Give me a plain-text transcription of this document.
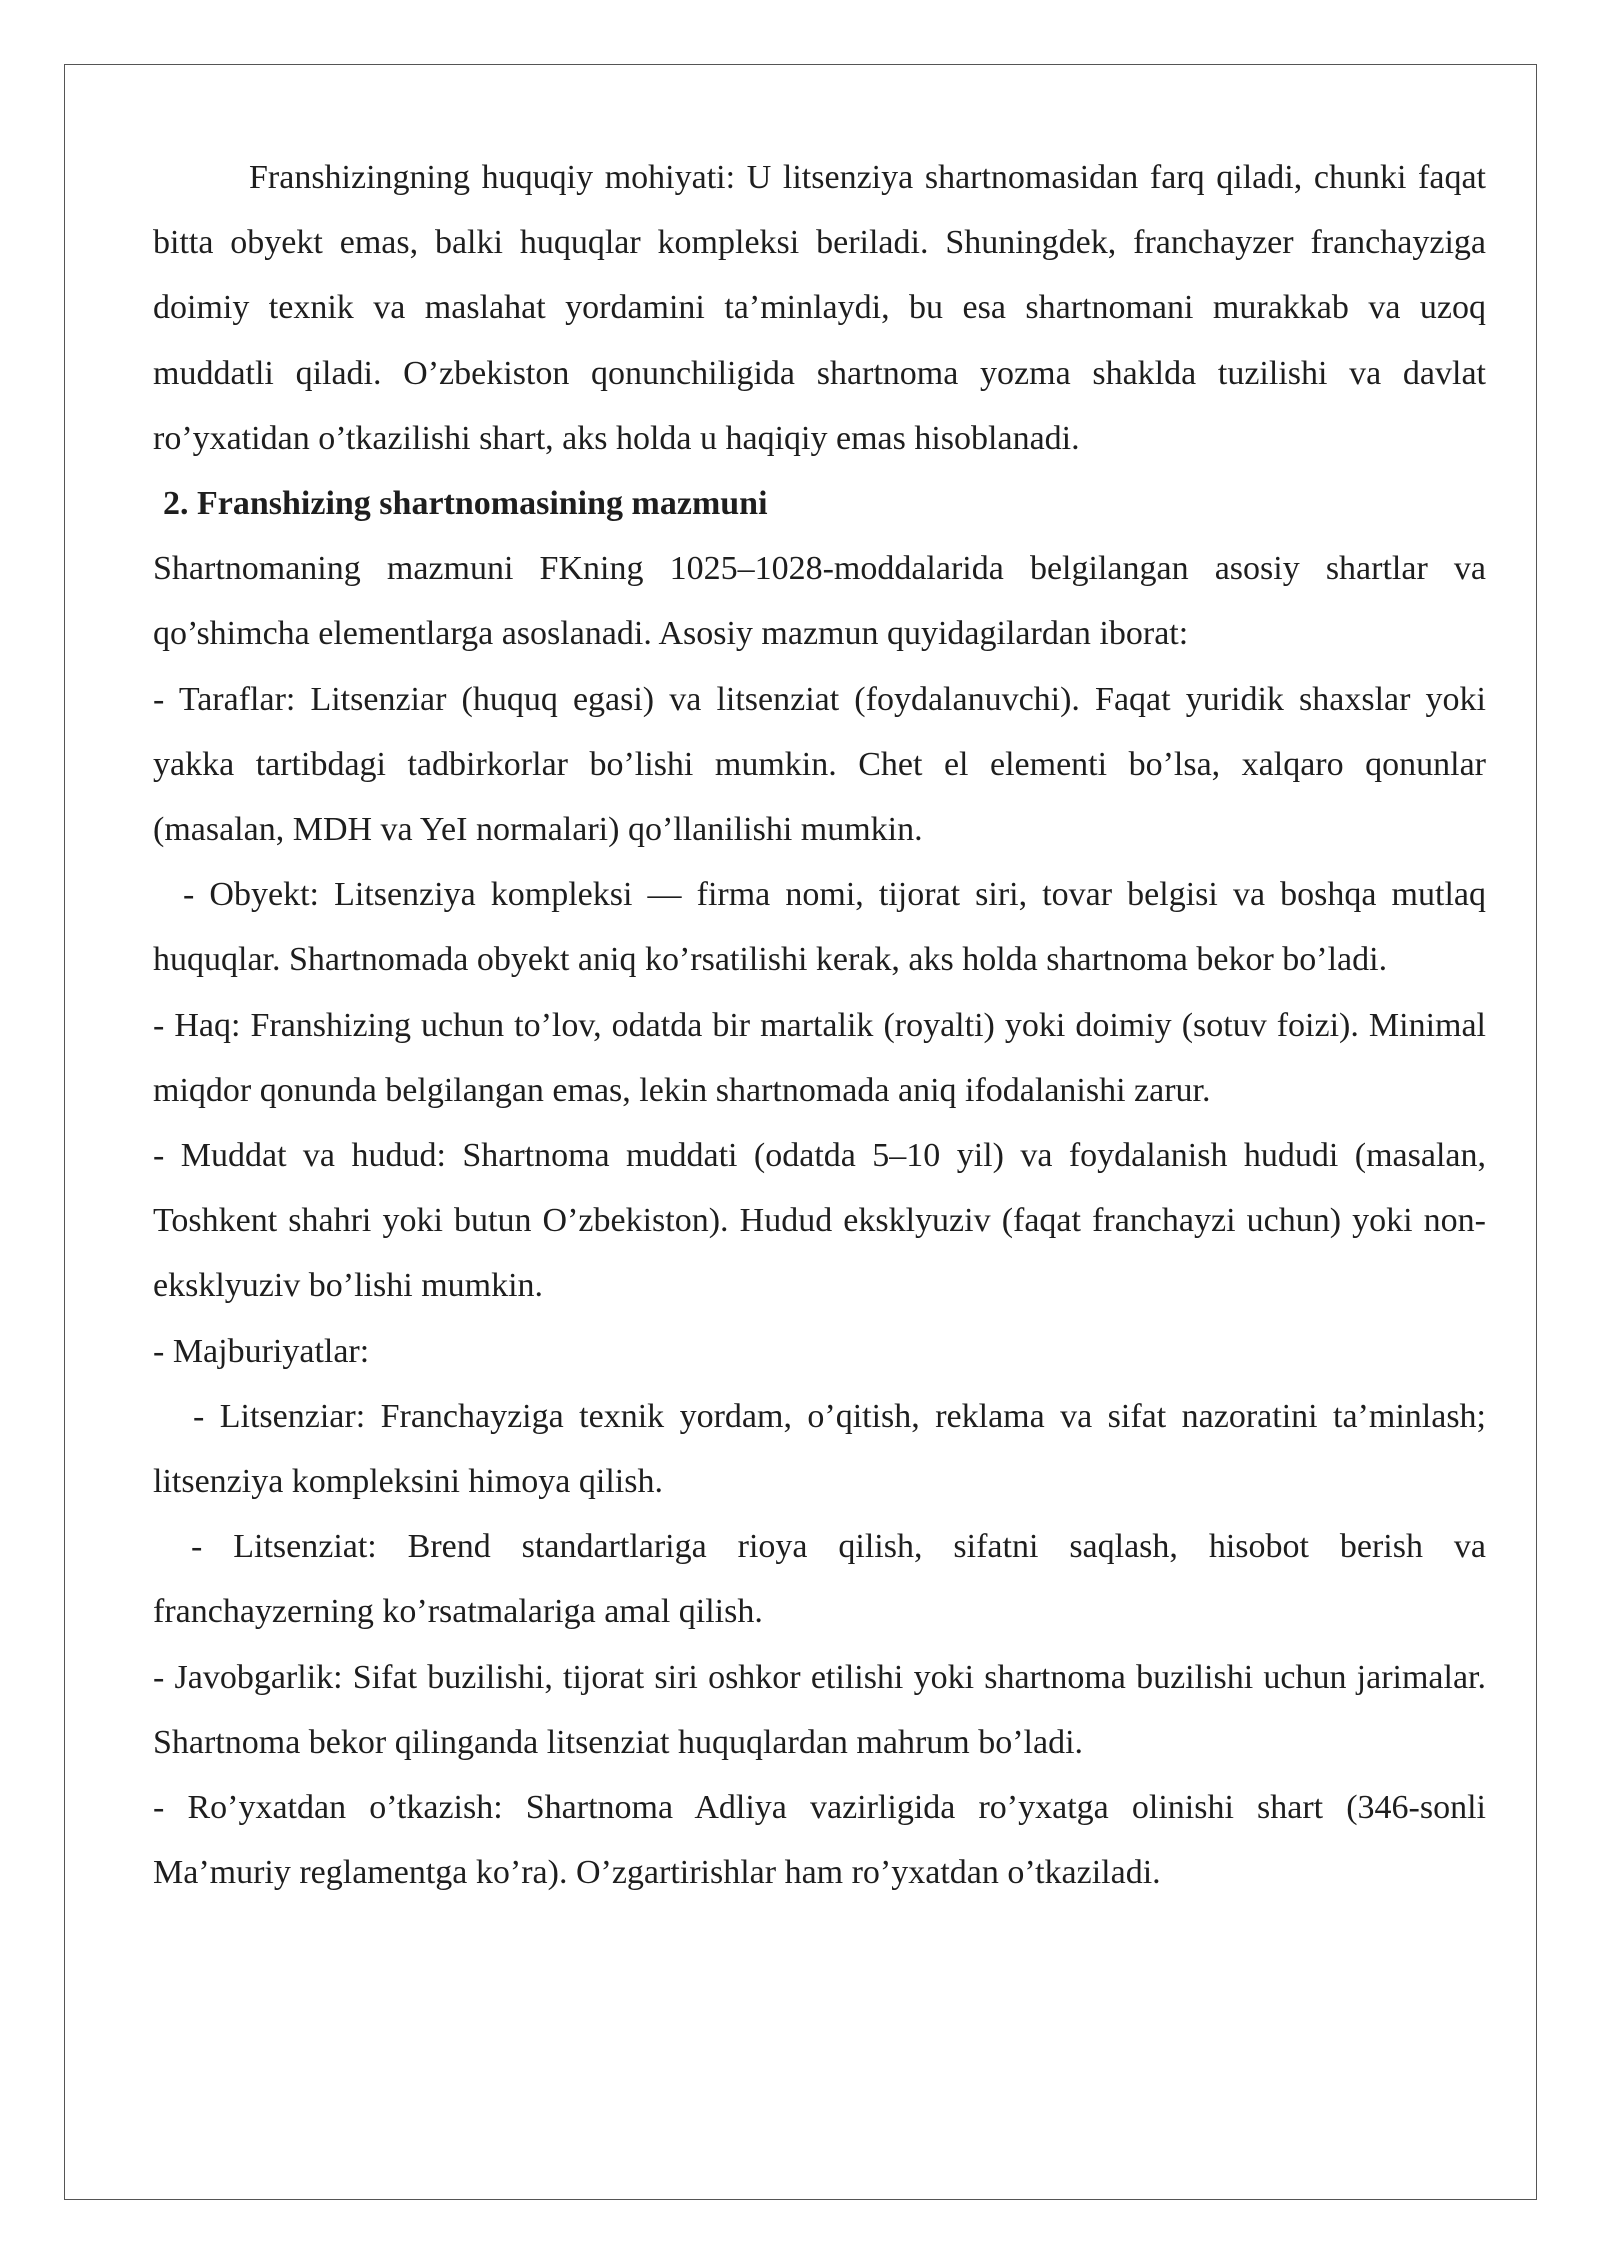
Franshizingning huquqiy mohiyati: U litsenziya shartnomasidan farq qiladi, chunki faqat bitta obyekt emas, balki huquqlar kompleksi beriladi. Shuningdek, franchayzer franchayziga doimiy texnik va maslahat yordamini ta’minlaydi, bu esa shartnomani murakkab va uzoq muddatli qiladi. O’zbekiston qonunchiligida shartnoma yozma shaklda tuzilishi va davlat ro’yxatidan o’tkazilishi shart, aks holda u haqiqiy emas hisoblanadi.

2. Franshizing shartnomasining mazmuni

Shartnomaning mazmuni FKning 1025–1028-moddalarida belgilangan asosiy shartlar va qo’shimcha elementlarga asoslanadi. Asosiy mazmun quyidagilardan iborat:

- Taraflar: Litsenziar (huquq egasi) va litsenziat (foydalanuvchi). Faqat yuridik shaxslar yoki yakka tartibdagi tadbirkorlar bo’lishi mumkin. Chet el elementi bo’lsa, xalqaro qonunlar (masalan, MDH va YeI normalari) qo’llanilishi mumkin.

- Obyekt: Litsenziya kompleksi — firma nomi, tijorat siri, tovar belgisi va boshqa mutlaq huquqlar. Shartnomada obyekt aniq ko’rsatilishi kerak, aks holda shartnoma bekor bo’ladi.

- Haq: Franshizing uchun to’lov, odatda bir martalik (royalti) yoki doimiy (sotuv foizi). Minimal miqdor qonunda belgilangan emas, lekin shartnomada aniq ifodalanishi zarur.

- Muddat va hudud: Shartnoma muddati (odatda 5–10 yil) va foydalanish hududi (masalan, Toshkent shahri yoki butun O’zbekiston). Hudud eksklyuziv (faqat franchayzi uchun) yoki non-eksklyuziv bo’lishi mumkin.

- Majburiyatlar:

- Litsenziar: Franchayziga texnik yordam, o’qitish, reklama va sifat nazoratini ta’minlash; litsenziya kompleksini himoya qilish.

- Litsenziat: Brend standartlariga rioya qilish, sifatni saqlash, hisobot berish va franchayzerning ko’rsatmalariga amal qilish.

- Javobgarlik: Sifat buzilishi, tijorat siri oshkor etilishi yoki shartnoma buzilishi uchun jarimalar. Shartnoma bekor qilinganda litsenziat huquqlardan mahrum bo’ladi.

- Ro’yxatdan o’tkazish: Shartnoma Adliya vazirligida ro’yxatga olinishi shart (346-sonli Ma’muriy reglamentga ko’ra). O’zgartirishlar ham ro’yxatdan o’tkaziladi.
